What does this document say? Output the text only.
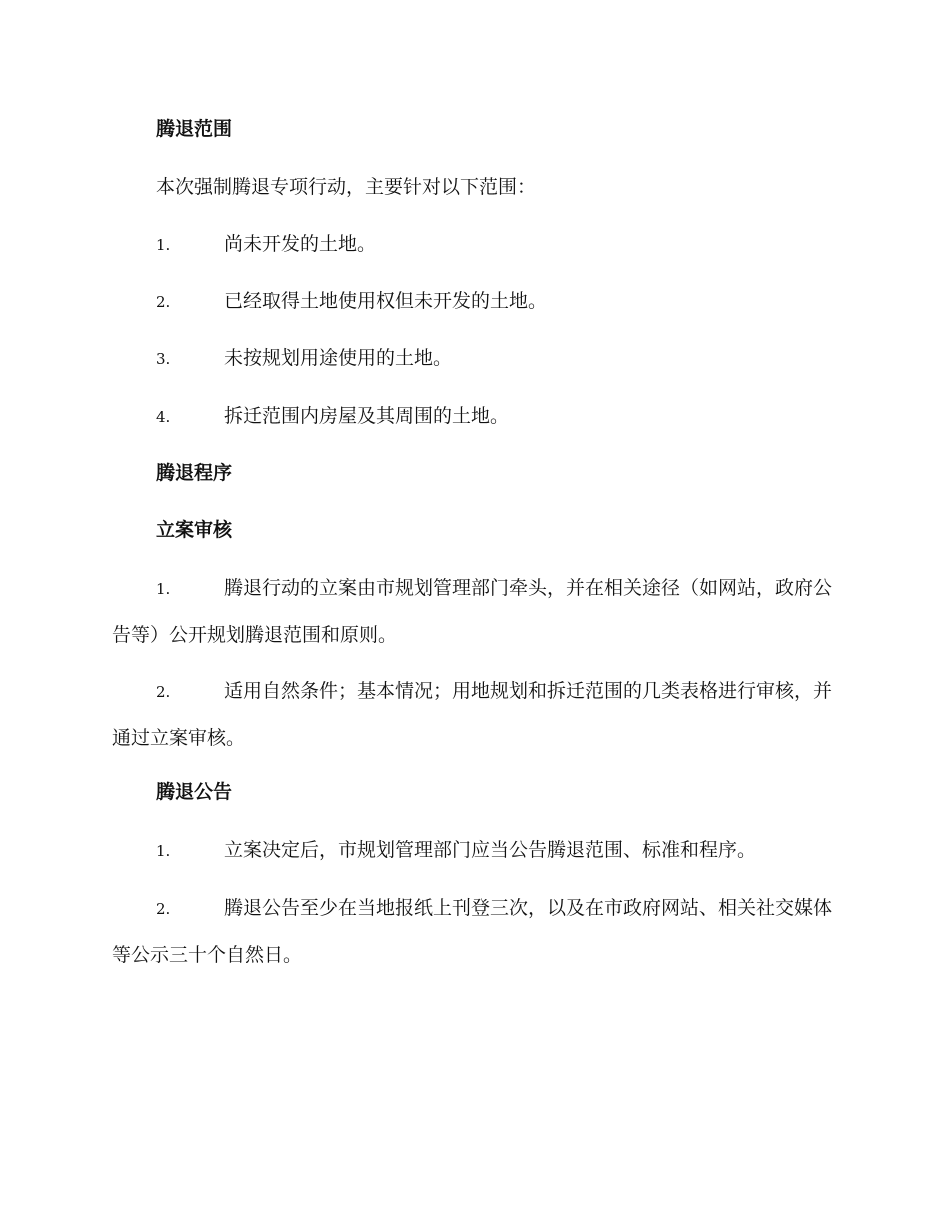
腾退范围
本次强制腾退专项行动，主要针对以下范围：
1.	尚未开发的土地。
2.	已经取得土地使用权但未开发的土地。
3.	未按规划用途使用的土地。
4.	拆迁范围内房屋及其周围的土地。
腾退程序
立案审核
1.	腾退行动的立案由市规划管理部门牵头，并在相关途径（如网站，政府公告等）公开规划腾退范围和原则。
2.	适用自然条件；基本情况；用地规划和拆迁范围的几类表格进行审核，并通过立案审核。
腾退公告
1.	立案决定后，市规划管理部门应当公告腾退范围、标准和程序。
2.	腾退公告至少在当地报纸上刊登三次，以及在市政府网站、相关社交媒体等公示三十个自然日。
